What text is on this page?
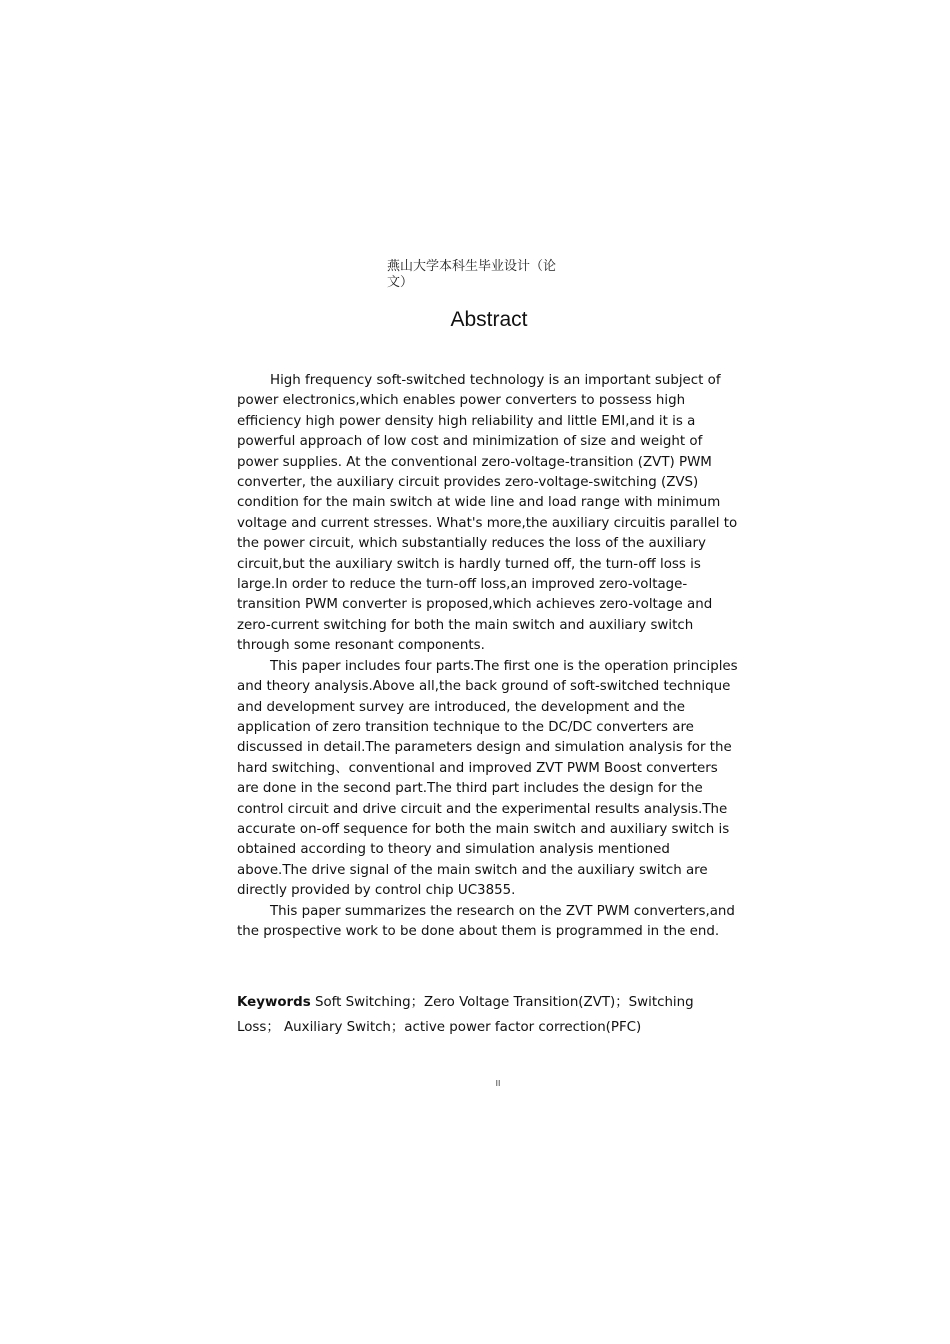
燕山大学本科生毕业设计（论文）
Abstract

High frequency soft-switched technology is an important subject of power electronics,which enables power converters to possess high efficiency high power density high reliability and little EMI,and it is a powerful approach of low cost and minimization of size and weight of power supplies. At the conventional zero-voltage-transition (ZVT) PWM converter, the auxiliary circuit provides zero-voltage-switching (ZVS) condition for the main switch at wide line and load range with minimum voltage and current stresses. What's more,the auxiliary circuitis parallel to the power circuit, which substantially reduces the loss of the auxiliary circuit,but the auxiliary switch is hardly turned off, the turn-off loss is large.In order to reduce the turn-off loss,an improved zero-voltage-transition PWM converter is proposed,which achieves zero-voltage and zero-current switching for both the main switch and auxiliary switch through some resonant components.

This paper includes four parts.The first one is the operation principles and theory analysis.Above all,the back ground of soft-switched technique and development survey are introduced, the development and the application of zero transition technique to the DC/DC converters are discussed in detail.The parameters design and simulation analysis for the hard switching、conventional and improved ZVT PWM Boost converters are done in the second part.The third part includes the design for the control circuit and drive circuit and the experimental results analysis.The accurate on-off sequence for both the main switch and auxiliary switch is obtained according to theory and simulation analysis mentioned above.The drive signal of the main switch and the auxiliary switch are directly provided by control chip UC3855.

This paper summarizes the research on the ZVT PWM converters,and the prospective work to be done about them is programmed in the end.

Keywords Soft Switching；Zero Voltage Transition(ZVT)；Switching Loss； Auxiliary Switch；active power factor correction(PFC)
II
